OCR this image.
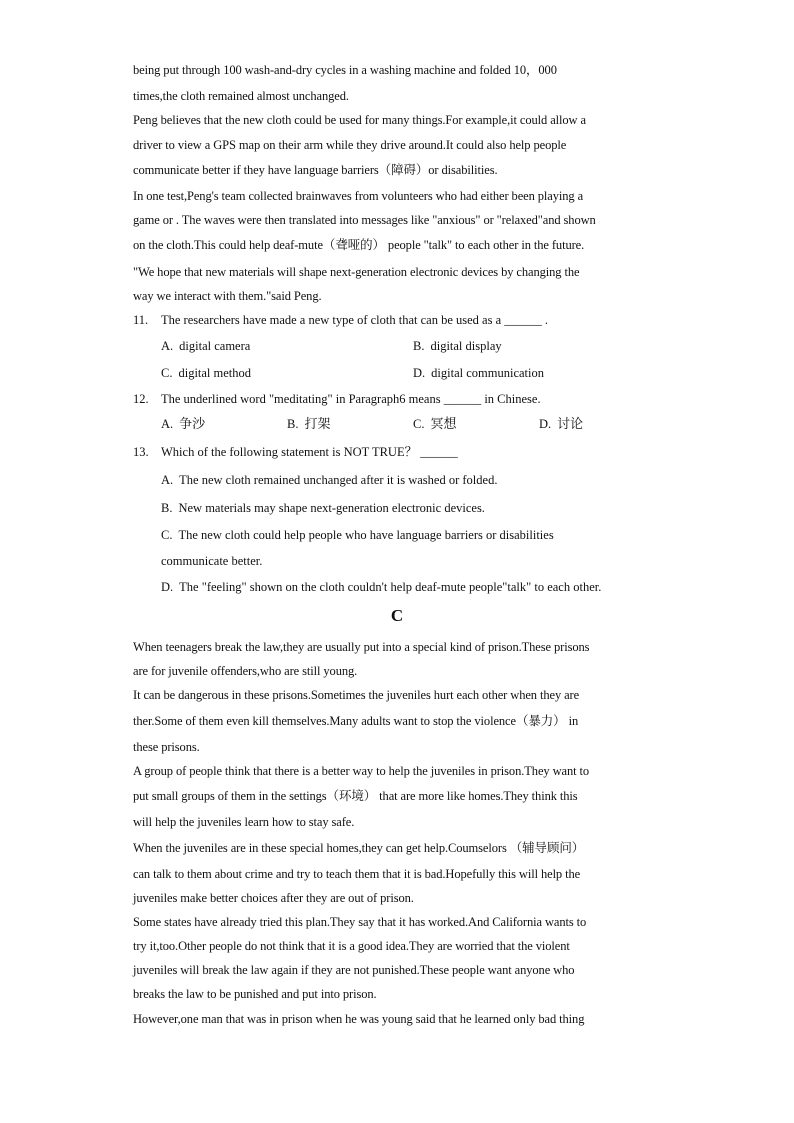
being put through 100 wash-and-dry cycles in a washing machine and folded 10，000
times,the cloth remained almost unchanged.
Peng believes that the new cloth could be used for many things.For example,it could allow a
driver to view a GPS map on their arm while they drive around.It could also help people
communicate better if they have language barriers（障碍）or disabilities.
In one test,Peng's team collected brainwaves from volunteers who had either been playing a
game or . The waves were then translated into messages like "anxious" or "relaxed"and shown
on the cloth.This could help deaf-mute（聋哑的） people "talk" to each other in the future.
"We hope that new materials will shape next-generation electronic devices by changing the
way we interact with them."said Peng.
11. The researchers have made a new type of cloth that can be used as a ______ .
A. digital camera	B. digital display
C. digital method	D. digital communication
12. The underlined word "meditating" in Paragraph6 means ______ in Chinese.
A. 争沙	B. 打架	C. 冥想	D. 讨论
13. Which of the following statement is NOT TRUE？ ______
A. The new cloth remained unchanged after it is washed or folded.
B. New materials may shape next-generation electronic devices.
C. The new cloth could help people who have language barriers or disabilities
communicate better.
D. The "feeling" shown on the cloth couldn't help deaf-mute people"talk" to each other.
C
When teenagers break the law,they are usually put into a special kind of prison.These prisons
are for juvenile offenders,who are still young.
It can be dangerous in these prisons.Sometimes the juveniles hurt each other when they are
ther.Some of them even kill themselves.Many adults want to stop the violence（暴力） in
these prisons.
A group of people think that there is a better way to help the juveniles in prison.They want to
put small groups of them in the settings（环境） that are more like homes.They think this
will help the juveniles learn how to stay safe.
When the juveniles are in these special homes,they can get help.Coumselors （辅导顾问）
can talk to them about crime and try to teach them that it is bad.Hopefully this will help the
juveniles make better choices after they are out of prison.
Some states have already tried this plan.They say that it has worked.And California wants to
try it,too.Other people do not think that it is a good idea.They are worried that the violent
juveniles will break the law again if they are not punished.These people want anyone who
breaks the law to be punished and put into prison.
However,one man that was in prison when he was young said that he learned only bad thing
